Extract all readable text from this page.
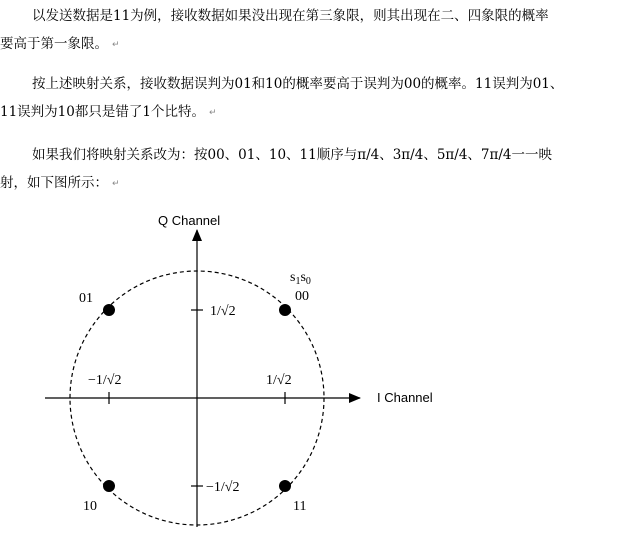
以发送数据是11为例，接收数据如果没出现在第三象限，则其出现在二、四象限的概率
要高于第一象限。 ↵
按上述映射关系，接收数据误判为01和10的概率要高于误判为00的概率。11误判为01、
11误判为10都只是错了1个比特。 ↵
如果我们将映射关系改为：按00、01、10、11顺序与π/4、3π/4、5π/4、7π/4一一映
射，如下图所示： ↵
Q Channel
I Channel
$s_1s_0$
1/√2
−1/√2
−1/√2	1/√2
00
01
10	11
